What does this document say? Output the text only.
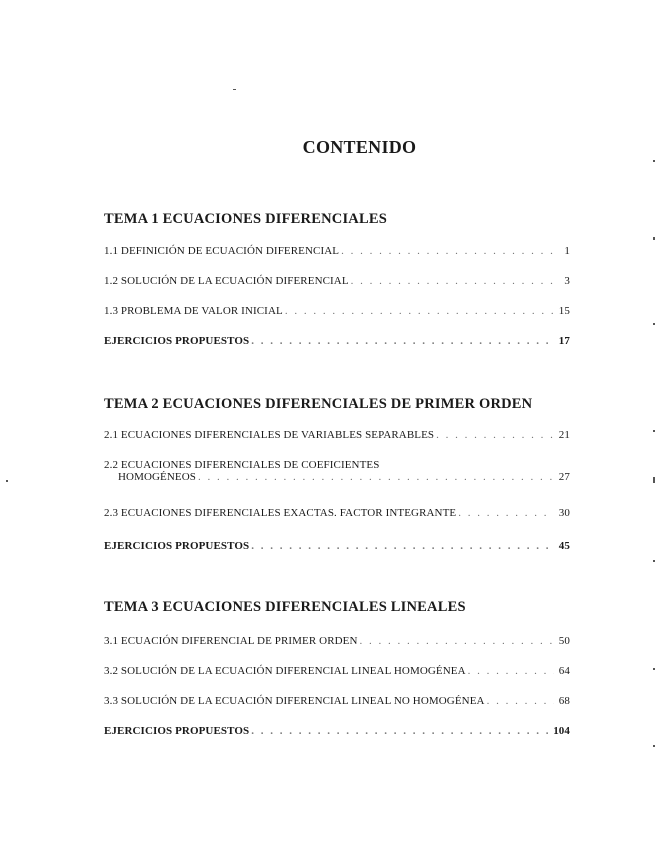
CONTENIDO
TEMA 1 ECUACIONES DIFERENCIALES
1.1 DEFINICIÓN DE ECUACIÓN DIFERENCIAL . . .	1
1.2 SOLUCIÓN DE LA ECUACIÓN DIFERENCIAL . . .	3
1.3 PROBLEMA DE VALOR INICIAL . . .	15
EJERCICIOS PROPUESTOS . . .	17
TEMA 2 ECUACIONES DIFERENCIALES DE PRIMER ORDEN
2.1 ECUACIONES DIFERENCIALES DE VARIABLES SEPARABLES . . .	21
2.2 ECUACIONES DIFERENCIALES DE COEFICIENTES
HOMOGÉNEOS . . .	27
2.3 ECUACIONES DIFERENCIALES EXACTAS. FACTOR INTEGRANTE . . .	30
EJERCICIOS PROPUESTOS . . .	45
TEMA 3 ECUACIONES DIFERENCIALES LINEALES
3.1 ECUACIÓN DIFERENCIAL DE PRIMER ORDEN . . .	50
3.2 SOLUCIÓN DE LA ECUACIÓN DIFERENCIAL LINEAL HOMOGÉNEA . . .	64
3.3 SOLUCIÓN DE LA ECUACIÓN DIFERENCIAL LINEAL NO HOMOGÉNEA . . .	68
EJERCICIOS PROPUESTOS . . .	104
